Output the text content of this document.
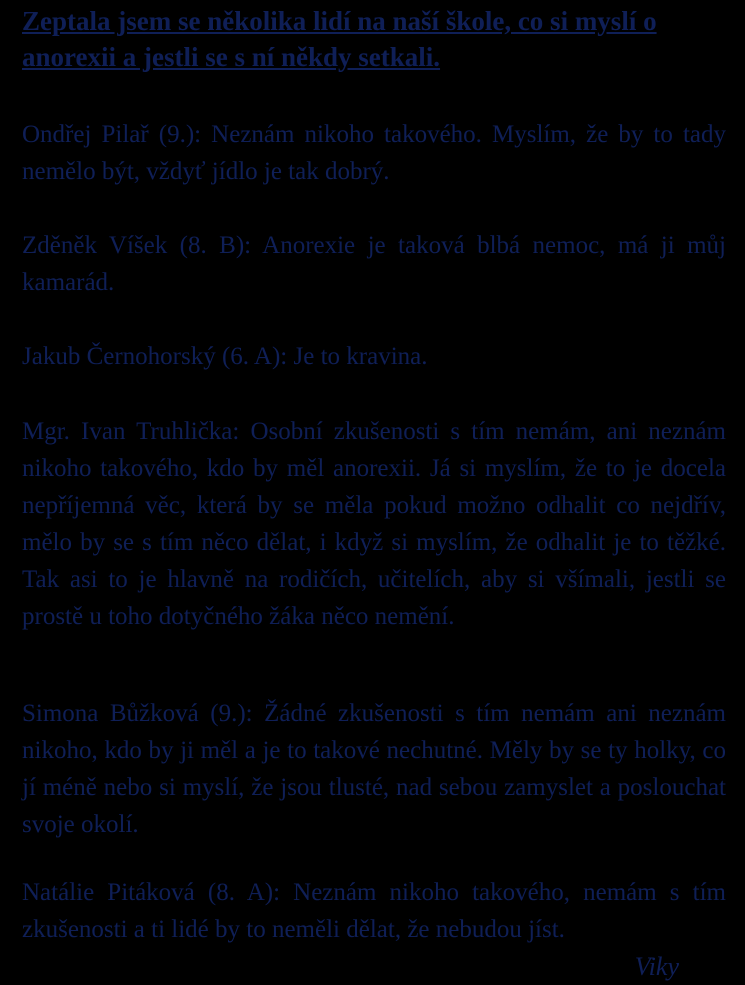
Zeptala jsem se několika lidí na naší škole, co si myslí o anorexii a jestli se s ní někdy setkali.

Ondřej Pilař (9.): Neznám nikoho takového. Myslím, že by to tady nemělo být, vždyť jídlo je tak dobrý.

Zděněk Víšek (8. B): Anorexie je taková blbá nemoc, má ji můj kamarád.

Jakub Černohorský (6. A): Je to kravina.

Mgr. Ivan Truhlička: Osobní zkušenosti s tím nemám, ani neznám nikoho takového, kdo by měl anorexii. Já si myslím, že to je docela nepříjemná věc, která by se měla pokud možno odhalit co nejdřív, mělo by se s tím něco dělat, i když si myslím, že odhalit je to těžké. Tak asi to je hlavně na rodičích, učitelích, aby si všímali, jestli se prostě u toho dotyčného žáka něco nemění.

Simona Bůžková (9.): Žádné zkušenosti s tím nemám ani neznám nikoho, kdo by ji měl a je to takové nechutné. Měly by se ty holky, co jí méně nebo si myslí, že jsou tlusté, nad sebou zamyslet a poslouchat svoje okolí.

Natálie Pitáková (8. A): Neznám nikoho takového, nemám s tím zkušenosti a ti lidé by to neměli dělat, že nebudou jíst.

Viky
